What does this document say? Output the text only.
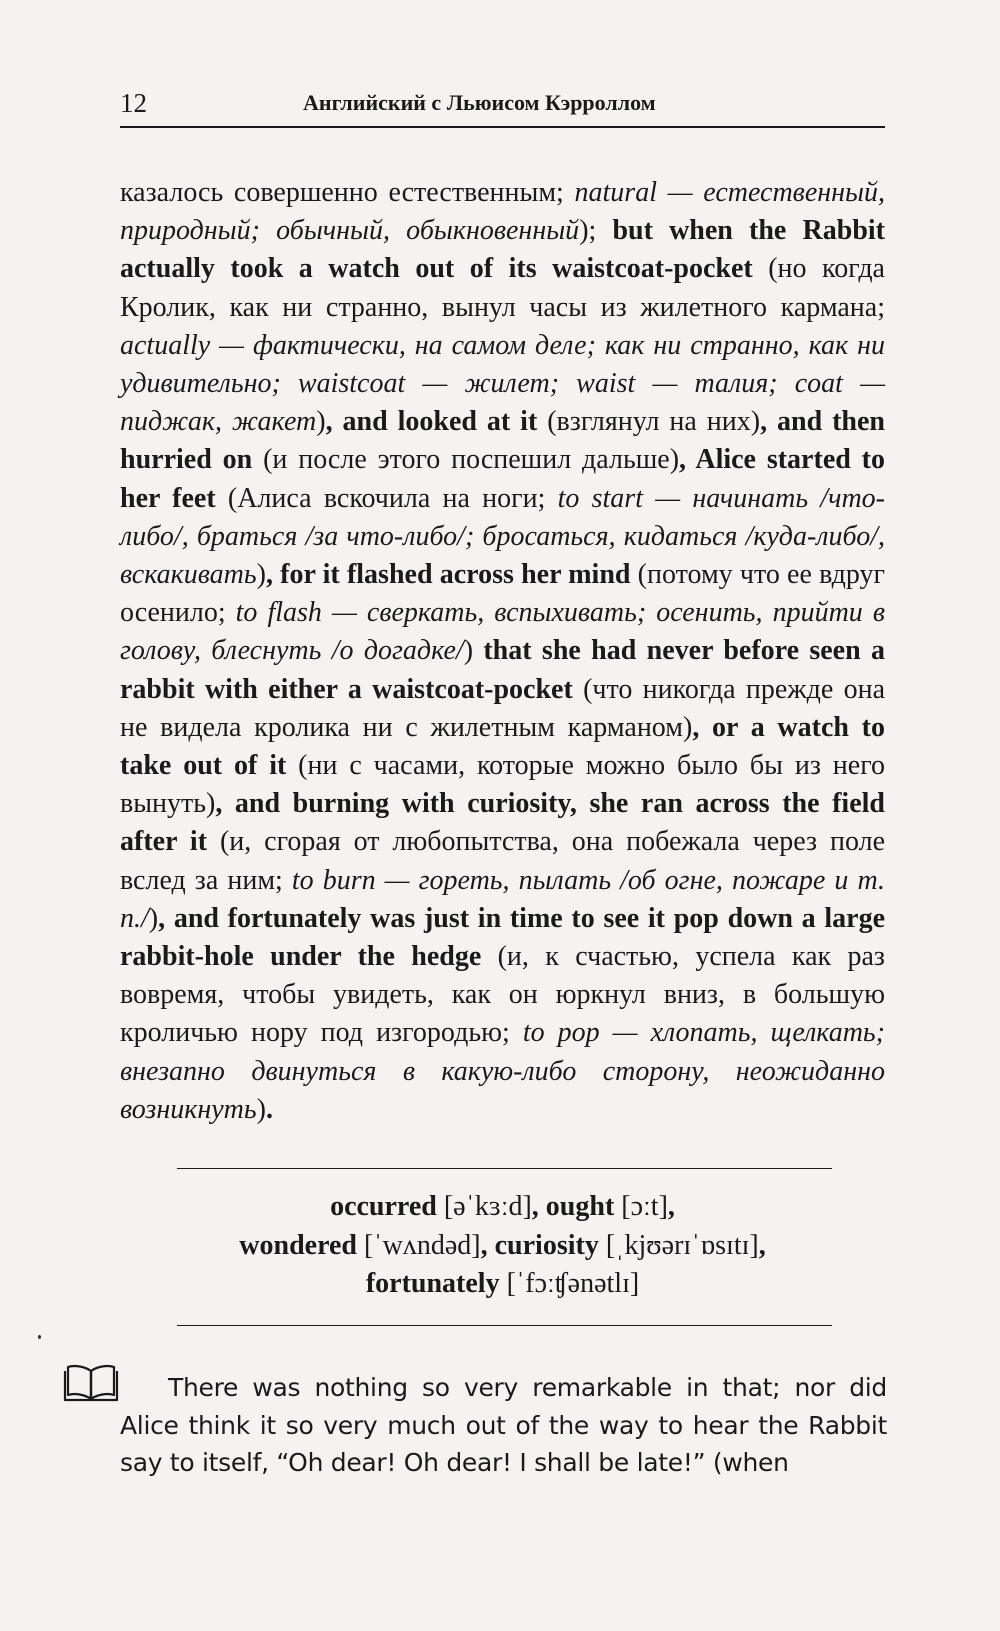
12	Английский с Льюисом Кэрроллом

казалось совершенно естественным; natural — естественный, природный; обычный, обыкновенный); but when the Rabbit actually took a watch out of its waistcoat-pocket (но когда Кролик, как ни странно, вынул часы из жилетного кармана; actually — фактически, на самом деле; как ни странно, как ни удивительно; waistcoat — жилет; waist — талия; coat — пиджак, жакет), and looked at it (взглянул на них), and then hurried on (и после этого поспешил дальше), Alice started to her feet (Алиса вскочила на ноги; to start — начинать /что-либо/, браться /за что-либо/; бросаться, кидаться /куда-либо/, вскакивать), for it flashed across her mind (потому что ее вдруг осенило; to flash — сверкать, вспыхивать; осенить, прийти в голову, блеснуть /о догадке/) that she had never before seen a rabbit with either a waistcoat-pocket (что никогда прежде она не видела кролика ни с жилетным карманом), or a watch to take out of it (ни с часами, которые можно было бы из него вынуть), and burning with curiosity, she ran across the field after it (и, сгорая от любопытства, она побежала через поле вслед за ним; to burn — гореть, пылать /об огне, пожаре и т. п./), and fortunately was just in time to see it pop down a large rabbit-hole under the hedge (и, к счастью, успела как раз вовремя, чтобы увидеть, как он юркнул вниз, в большую кроличью нору под изгородью; to pop — хлопать, щелкать; внезапно двинуться в какую-либо сторону, неожиданно возникнуть).

occurred [əˈkɜːd], ought [ɔːt],
wondered [ˈwʌndəd], curiosity [ˌkjʊərɪˈɒsɪtɪ],
fortunately [ˈfɔːʧənətlɪ]

There was nothing so very remarkable in that; nor did Alice think it so very much out of the way to hear the Rabbit say to itself, “Oh dear! Oh dear! I shall be late!” (when
